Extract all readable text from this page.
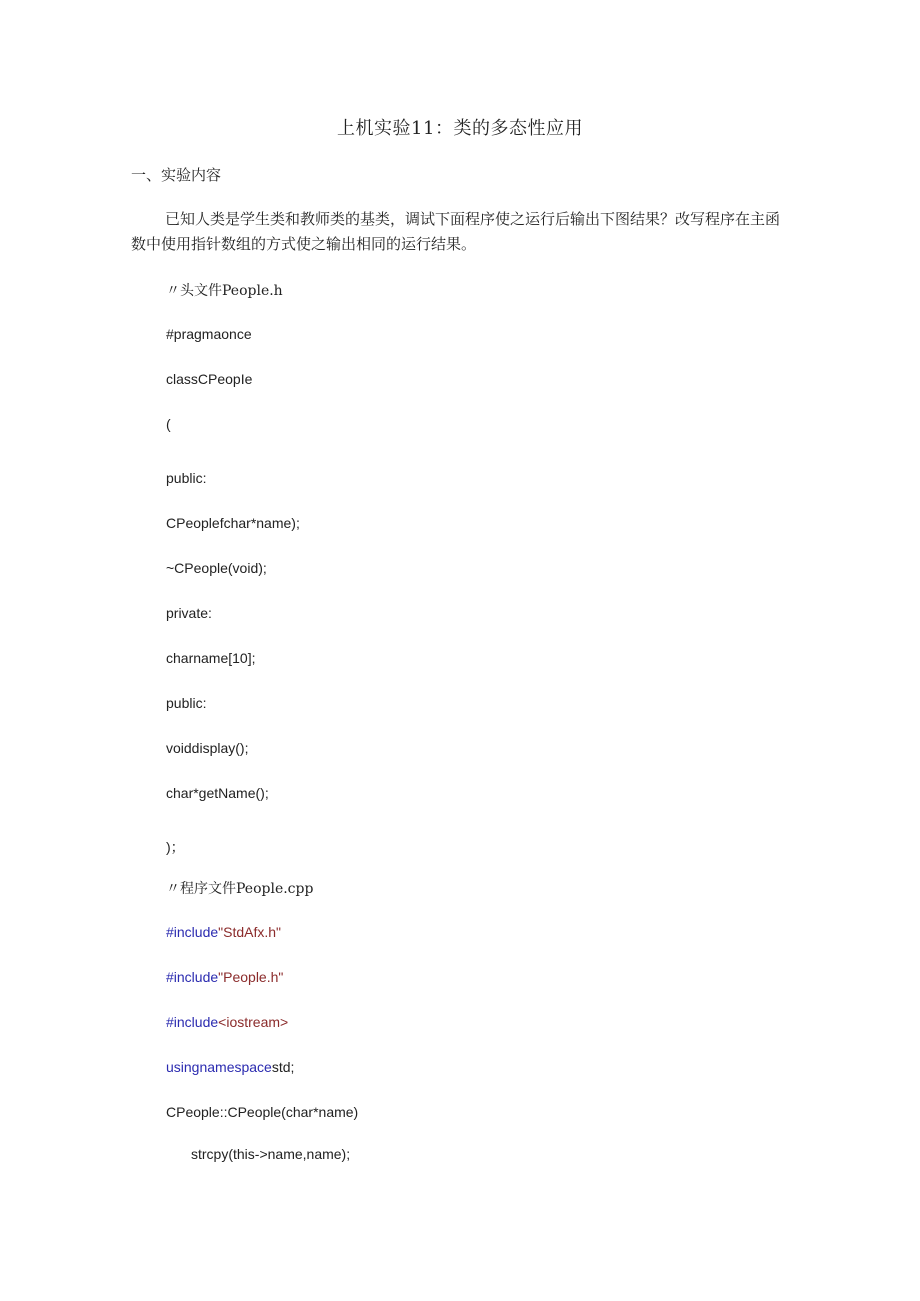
上机实验11：类的多态性应用
一、实验内容
已知人类是学生类和教师类的基类，调试下面程序使之运行后输出下图结果？改写程序在主函数中使用指针数组的方式使之输出相同的运行结果。
〃头文件People.h
#pragmaonce
classCPeopIe
(
public:
CPeoplefchar*name);
~CPeople(void);
private:
charname[10];
public:
voiddisplay();
char*getName();
)；
〃程序文件People.cpp
#include"StdAfx.h"
#include"People.h"
#include<iostream>
usingnamespacestd;
CPeople::CPeople(char*name)
strcpy(this->name,name);
